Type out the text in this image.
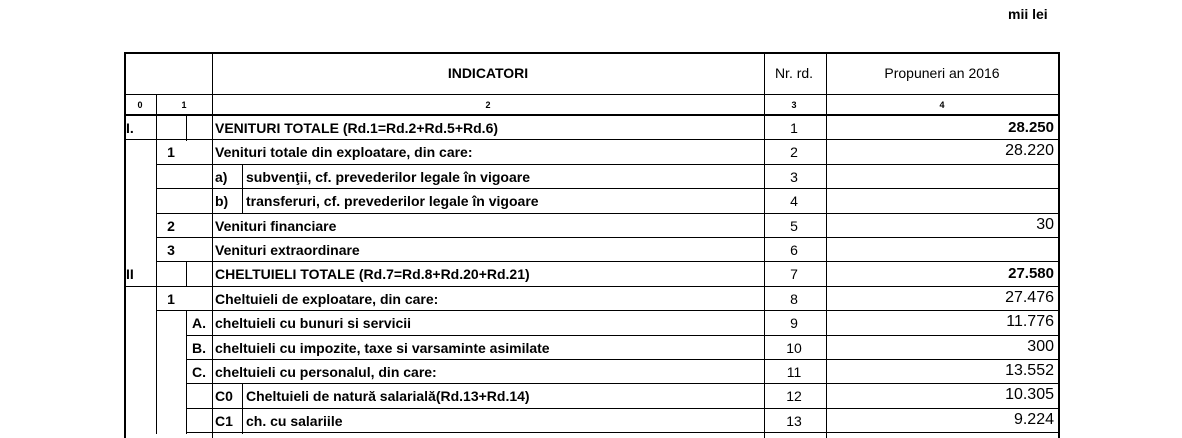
mii lei
INDICATORI	Nr. rd.	Propuneri an 2016
0	1	2	3	4
I.	VENITURI TOTALE (Rd.1=Rd.2+Rd.5+Rd.6)	1	28.250
1	Venituri totale din exploatare, din care:	2	28.220
a)	subvenţii, cf. prevederilor legale în vigoare	3
b)	transferuri, cf. prevederilor legale în vigoare	4
2	Venituri financiare	5	30
3	Venituri extraordinare	6
II	CHELTUIELI TOTALE (Rd.7=Rd.8+Rd.20+Rd.21)	7	27.580
1	Cheltuieli de exploatare, din care:	8	27.476
A. cheltuieli cu bunuri si servicii	9	11.776
B. cheltuieli cu impozite, taxe si varsaminte asimilate	10	300
C. cheltuieli cu personalul, din care:	11	13.552
C0 Cheltuieli de natură salarială(Rd.13+Rd.14)	12	10.305
C1 ch. cu salariile	13	9.224
